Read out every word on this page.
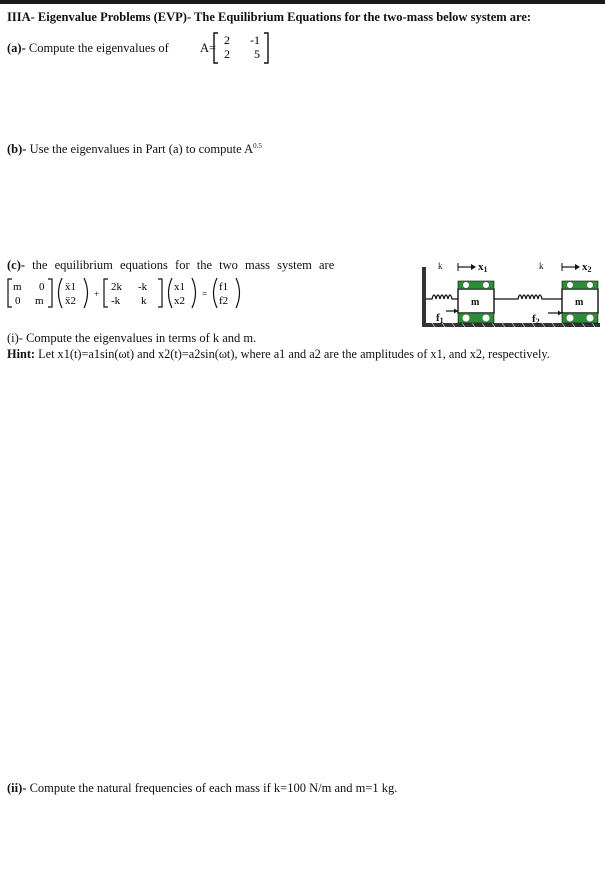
IIIA- Eigenvalue Problems (EVP)- The Equilibrium Equations for the two-mass below system are:
(a)- Compute the eigenvalues of A=
2 -1
2 5
(b)- Use the eigenvalues in Part (a) to compute $A^{0.5}$
(c)- the equilibrium equations for the two mass system are
m 0
0 m
ẍ1
ẍ2
+
2k -k
-k k
x1
x2
=
f1
f2
k
f1
m
x1	k
f2
m
x2
(i)- Compute the eigenvalues in terms of k and m.
Hint: Let x1(t)=a1sin(ωt) and x2(t)=a2sin(ωt), where a1 and a2 are the amplitudes of x1, and x2, respectively.
(ii)- Compute the natural frequencies of each mass if k=100 N/m and m=1 kg.
